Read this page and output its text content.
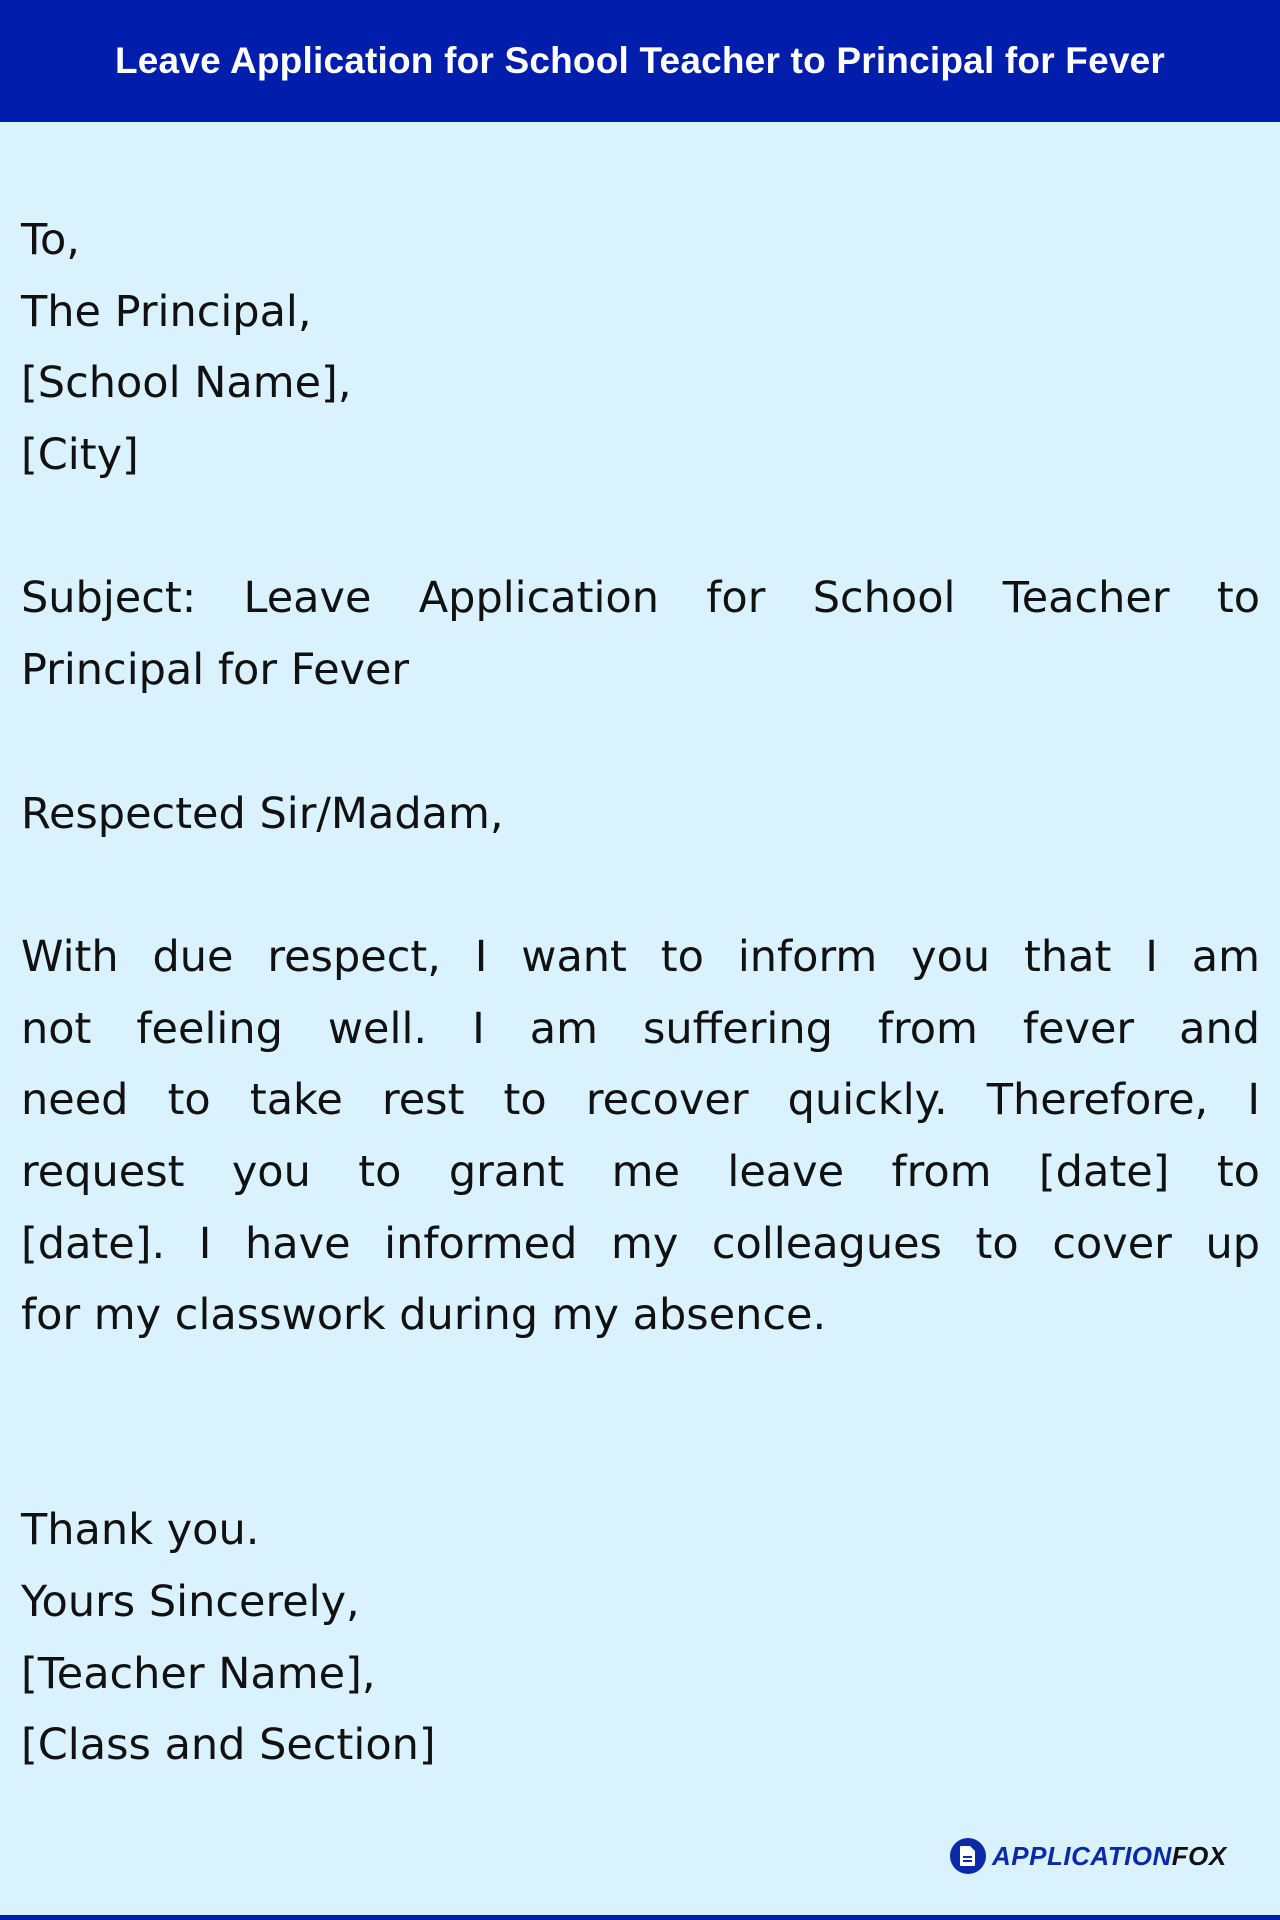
Leave Application for School Teacher to Principal for Fever
To,
The Principal,
[School Name],
[City]
Subject: Leave Application for School Teacher to
Principal for Fever
Respected Sir/Madam,
With due respect, I want to inform you that I am
not feeling well. I am suffering from fever and
need to take rest to recover quickly. Therefore, I
request you to grant me leave from [date] to
[date]. I have informed my colleagues to cover up
for my classwork during my absence.
Thank you.
Yours Sincerely,
[Teacher Name],
[Class and Section]
APPLICATIONFOX
